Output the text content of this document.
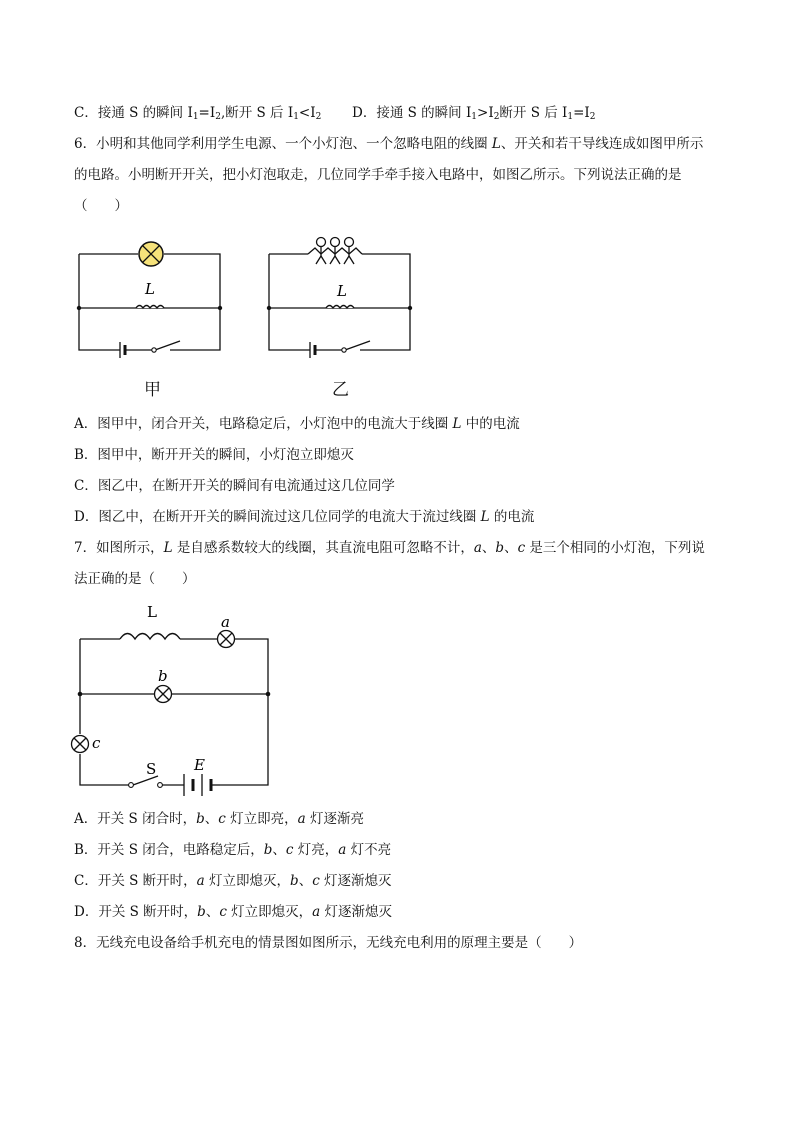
C．接通 S 的瞬间 $I_1=I_2$,断开 S 后 $I_1<I_2$ D．接通 S 的瞬间 $I_1>I_2$断开 S 后 $I_1=I_2$
6．小明和其他同学利用学生电源、一个小灯泡、一个忽略电阻的线圈 L、开关和若干导线连成如图甲所示
的电路。小明断开开关，把小灯泡取走，几位同学手牵手接入电路中，如图乙所示。下列说法正确的是
（　　）
L	L
甲	乙
A．图甲中，闭合开关，电路稳定后，小灯泡中的电流大于线圈 L 中的电流
B．图甲中，断开开关的瞬间，小灯泡立即熄灭
C．图乙中，在断开开关的瞬间有电流通过这几位同学
D．图乙中，在断开开关的瞬间流过这几位同学的电流大于流过线圈 L 的电流
7．如图所示，L 是自感系数较大的线圈，其直流电阻可忽略不计，a、b、c 是三个相同的小灯泡，下列说
法正确的是（　　）
L
a
b
c
S	E
A．开关 S 闭合时，b、c 灯立即亮，a 灯逐渐亮
B．开关 S 闭合，电路稳定后，b、c 灯亮，a 灯不亮
C．开关 S 断开时，a 灯立即熄灭，b、c 灯逐渐熄灭
D．开关 S 断开时，b、c 灯立即熄灭，a 灯逐渐熄灭
8．无线充电设备给手机充电的情景图如图所示，无线充电利用的原理主要是（　　）
